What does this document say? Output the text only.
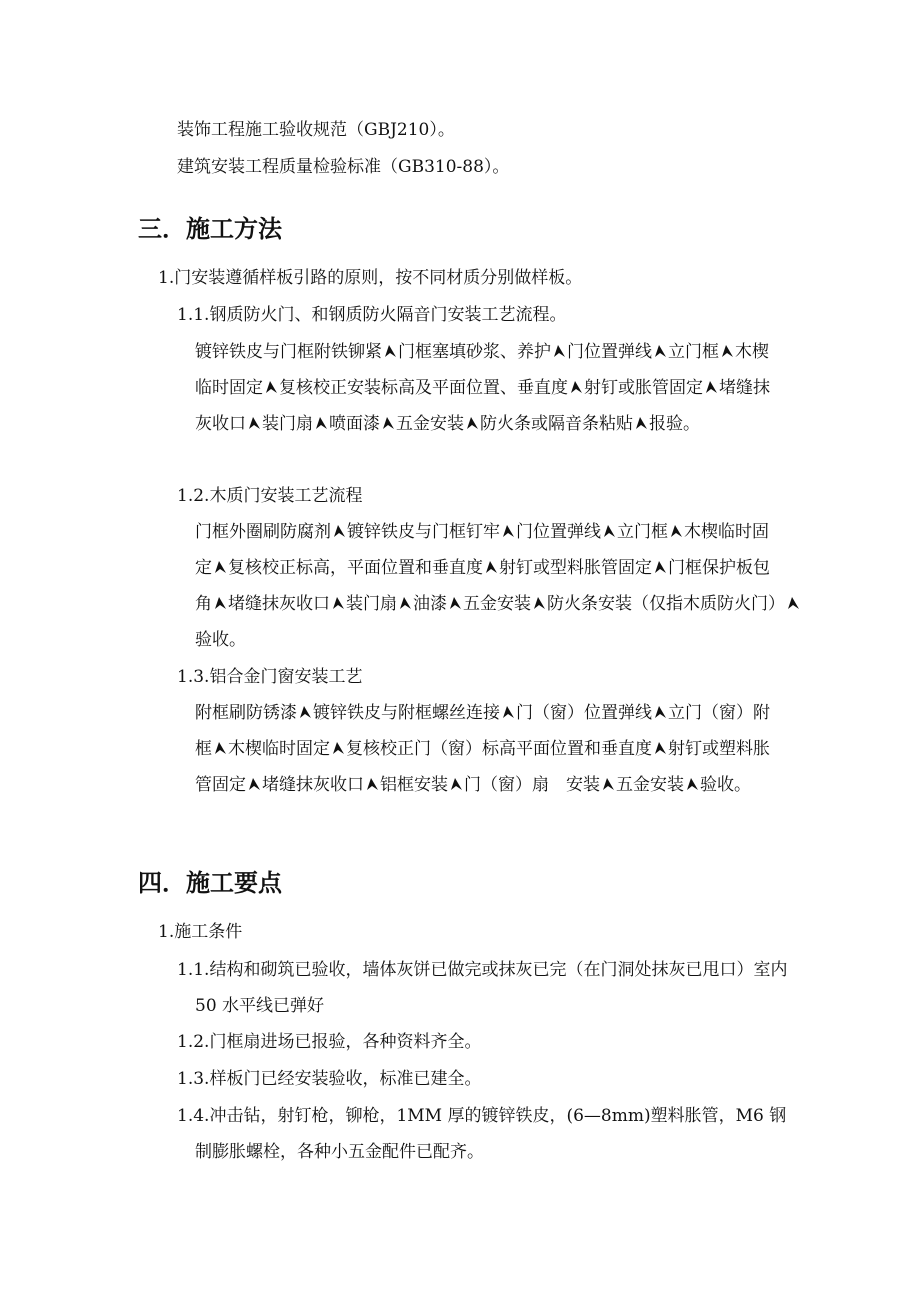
装饰工程施工验收规范（GBJ210）。
建筑安装工程质量检验标准（GB310-88）。
三．施工方法
1.门安装遵循样板引路的原则，按不同材质分别做样板。
1.1.钢质防火门、和钢质防火隔音门安装工艺流程。
镀锌铁皮与门框附铁铆紧 门框塞填砂浆、养护 门位置弹线 立门框 木楔
临时固定 复核校正安装标高及平面位置、垂直度 射钉或胀管固定 堵缝抹
灰收口 装门扇 喷面漆 五金安装 防火条或隔音条粘贴 报验。
1.2.木质门安装工艺流程
门框外圈刷防腐剂 镀锌铁皮与门框钉牢 门位置弹线 立门框 木楔临时固
定 复核校正标高，平面位置和垂直度 射钉或型料胀管固定 门框保护板包
角 堵缝抹灰收口 装门扇 油漆 五金安装 防火条安装（仅指木质防火门）
验收。
1.3.铝合金门窗安装工艺
附框刷防锈漆 镀锌铁皮与附框螺丝连接 门（窗）位置弹线 立门（窗）附
框 木楔临时固定 复核校正门（窗）标高平面位置和垂直度 射钉或塑料胀
管固定 堵缝抹灰收口 铝框安装 门（窗）扇　 安装 五金安装 验收。
四．施工要点
1.施工条件
1.1.结构和砌筑已验收，墙体灰饼已做完或抹灰已完（在门洞处抹灰已甩口）室内
50 水平线已弹好
1.2.门框扇进场已报验，各种资料齐全。
1.3.样板门已经安装验收，标准已建全。
1.4.冲击钻，射钉枪，铆枪，1MM 厚的镀锌铁皮，(6—8mm)塑料胀管，M6 钢
制膨胀螺栓，各种小五金配件已配齐。
